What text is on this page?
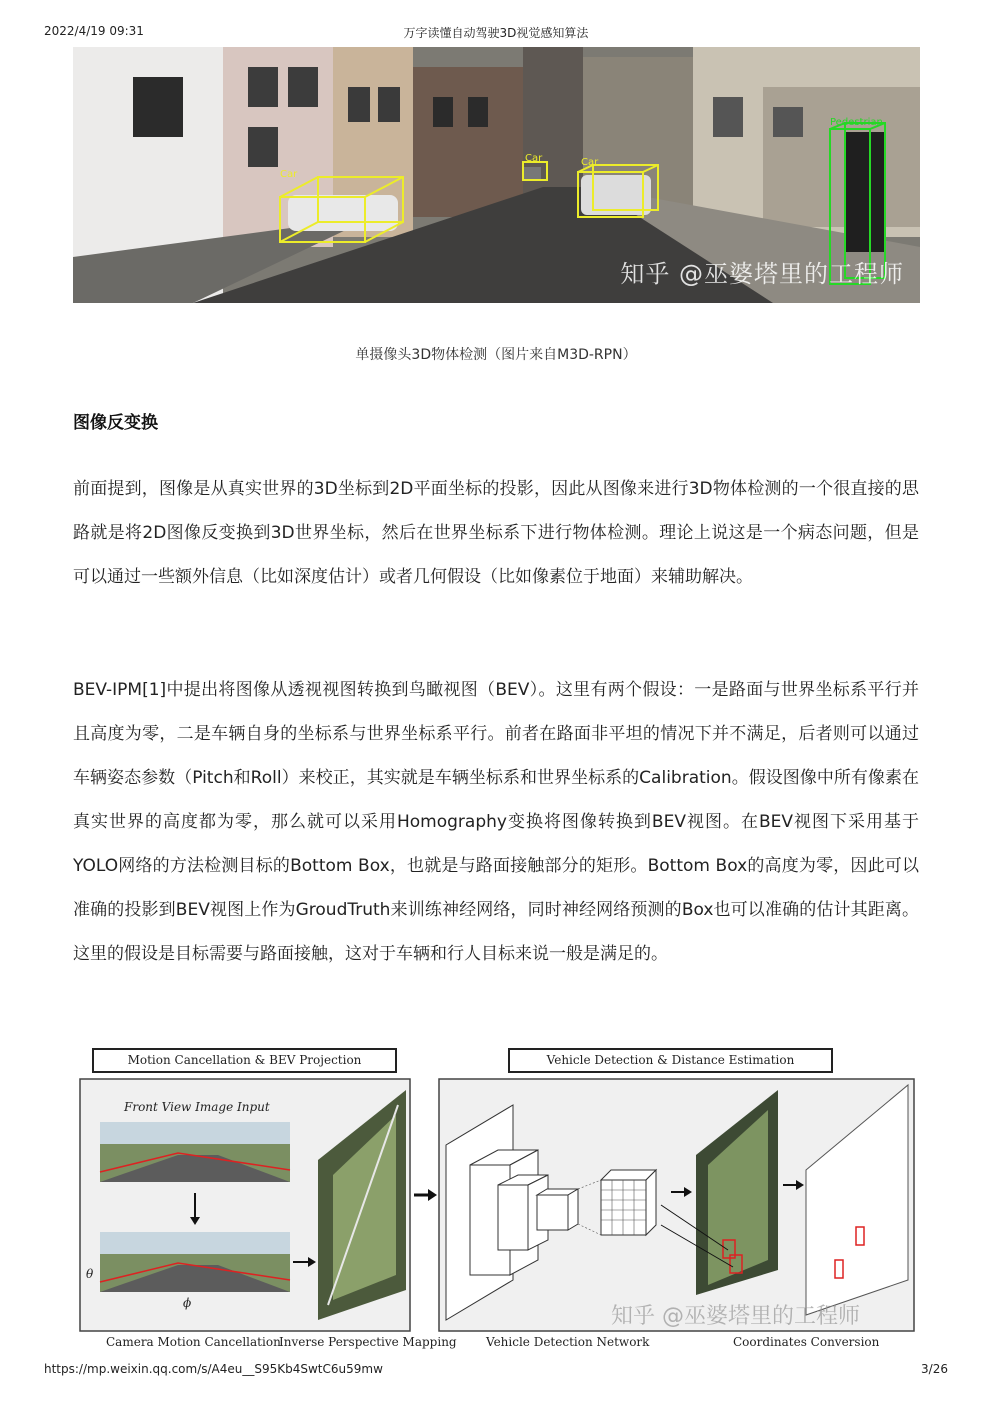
2022/4/19 09:31	万字读懂自动驾驶3D视觉感知算法
Car
Car	Car
Pedestrian
知乎 @巫婆塔里的工程师
单摄像头3D物体检测（图片来自M3D-RPN）
图像反变换

前面提到，图像是从真实世界的3D坐标到2D平面坐标的投影，因此从图像来进行3D物体检测的一个很直接的思路就是将2D图像反变换到3D世界坐标，然后在世界坐标系下进行物体检测。理论上说这是一个病态问题，但是可以通过一些额外信息（比如深度估计）或者几何假设（比如像素位于地面）来辅助解决。

BEV-IPM[1]中提出将图像从透视视图转换到鸟瞰视图（BEV）。这里有两个假设：一是路面与世界坐标系平行并且高度为零，二是车辆自身的坐标系与世界坐标系平行。前者在路面非平坦的情况下并不满足，后者则可以通过车辆姿态参数（Pitch和Roll）来校正，其实就是车辆坐标系和世界坐标系的Calibration。假设图像中所有像素在真实世界的高度都为零，那么就可以采用Homography变换将图像转换到BEV视图。在BEV视图下采用基于YOLO网络的方法检测目标的Bottom Box，也就是与路面接触部分的矩形。Bottom Box的高度为零，因此可以准确的投影到BEV视图上作为GroudTruth来训练神经网络，同时神经网络预测的Box也可以准确的估计其距离。这里的假设是目标需要与路面接触，这对于车辆和行人目标来说一般是满足的。

Motion Cancellation & BEV Projection	Vehicle Detection & Distance Estimation
Front View Image Input
θ
ϕ
知乎 @巫婆塔里的工程师
Camera Motion Cancellation
Inverse Perspective Mapping Vehicle Detection Network	Coordinates Conversion
https://mp.weixin.qq.com/s/A4eu__S95Kb4SwtC6u59mw	3/26
